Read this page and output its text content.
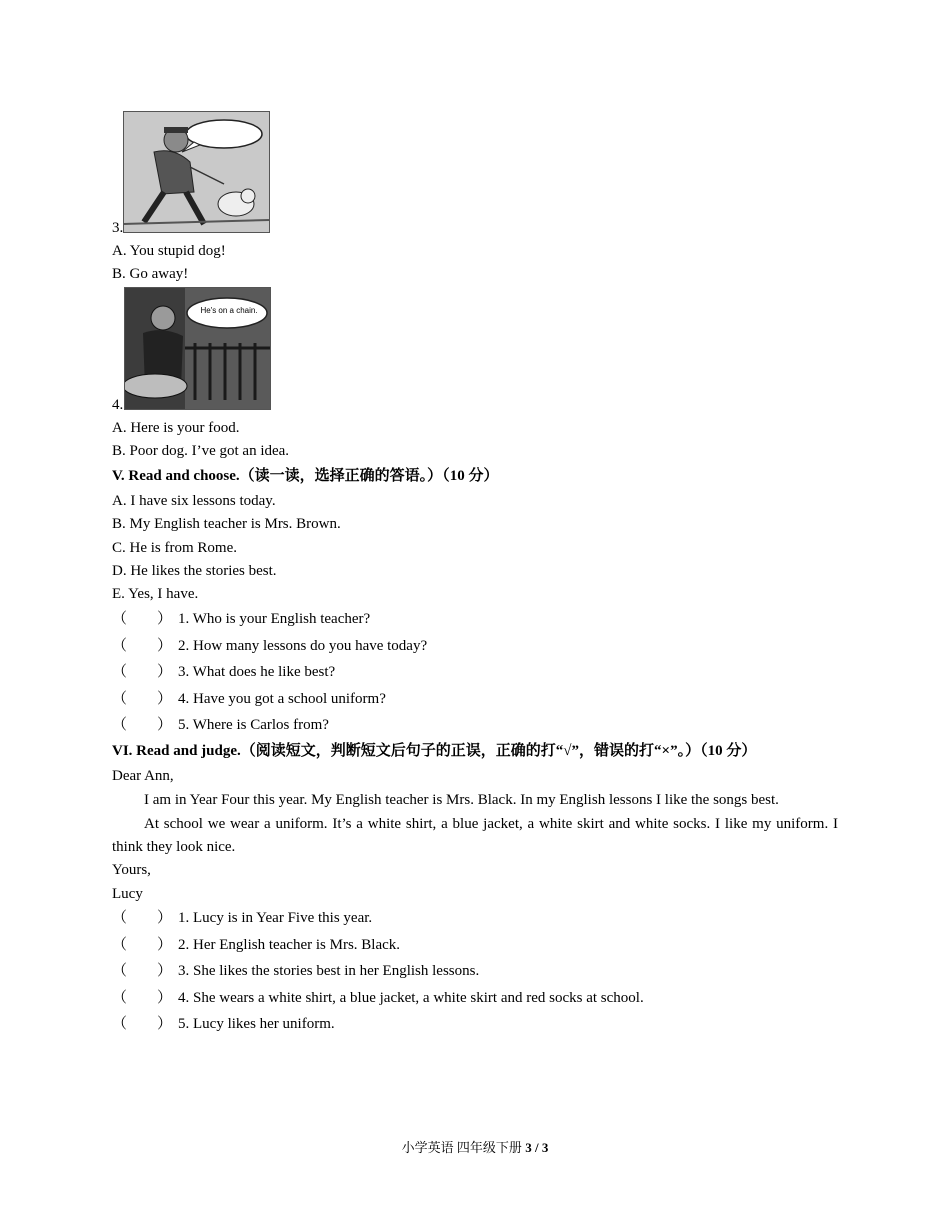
3.
A. You stupid dog!
B. Go away!
He's on a chain.
4.
A. Here is your food.
B. Poor dog. I’ve got an idea.
V. Read and choose.（读一读，选择正确的答语。）（10 分）
A. I have six lessons today.
B. My English teacher is Mrs. Brown.
C. He is from Rome.
D. He likes the stories best.
E. Yes, I have.
（　　） 1. Who is your English teacher?
（　　） 2. How many lessons do you have today?
（　　） 3. What does he like best?
（　　） 4. Have you got a school uniform?
（　　） 5. Where is Carlos from?
VI. Read and judge.（阅读短文，判断短文后句子的正误，正确的打“√”，错误的打“×”。）（10 分）
Dear Ann,
I am in Year Four this year. My English teacher is Mrs. Black. In my English lessons I like the songs best.
At school we wear a uniform. It’s a white shirt, a blue jacket, a white skirt and white socks. I like my uniform. I think they look nice.
Yours,
Lucy
（　　） 1. Lucy is in Year Five this year.
（　　） 2. Her English teacher is Mrs. Black.
（　　） 3. She likes the stories best in her English lessons.
（　　） 4. She wears a white shirt, a blue jacket, a white skirt and red socks at school.
（　　） 5. Lucy likes her uniform.
小学英语 四年级下册 3 / 3
